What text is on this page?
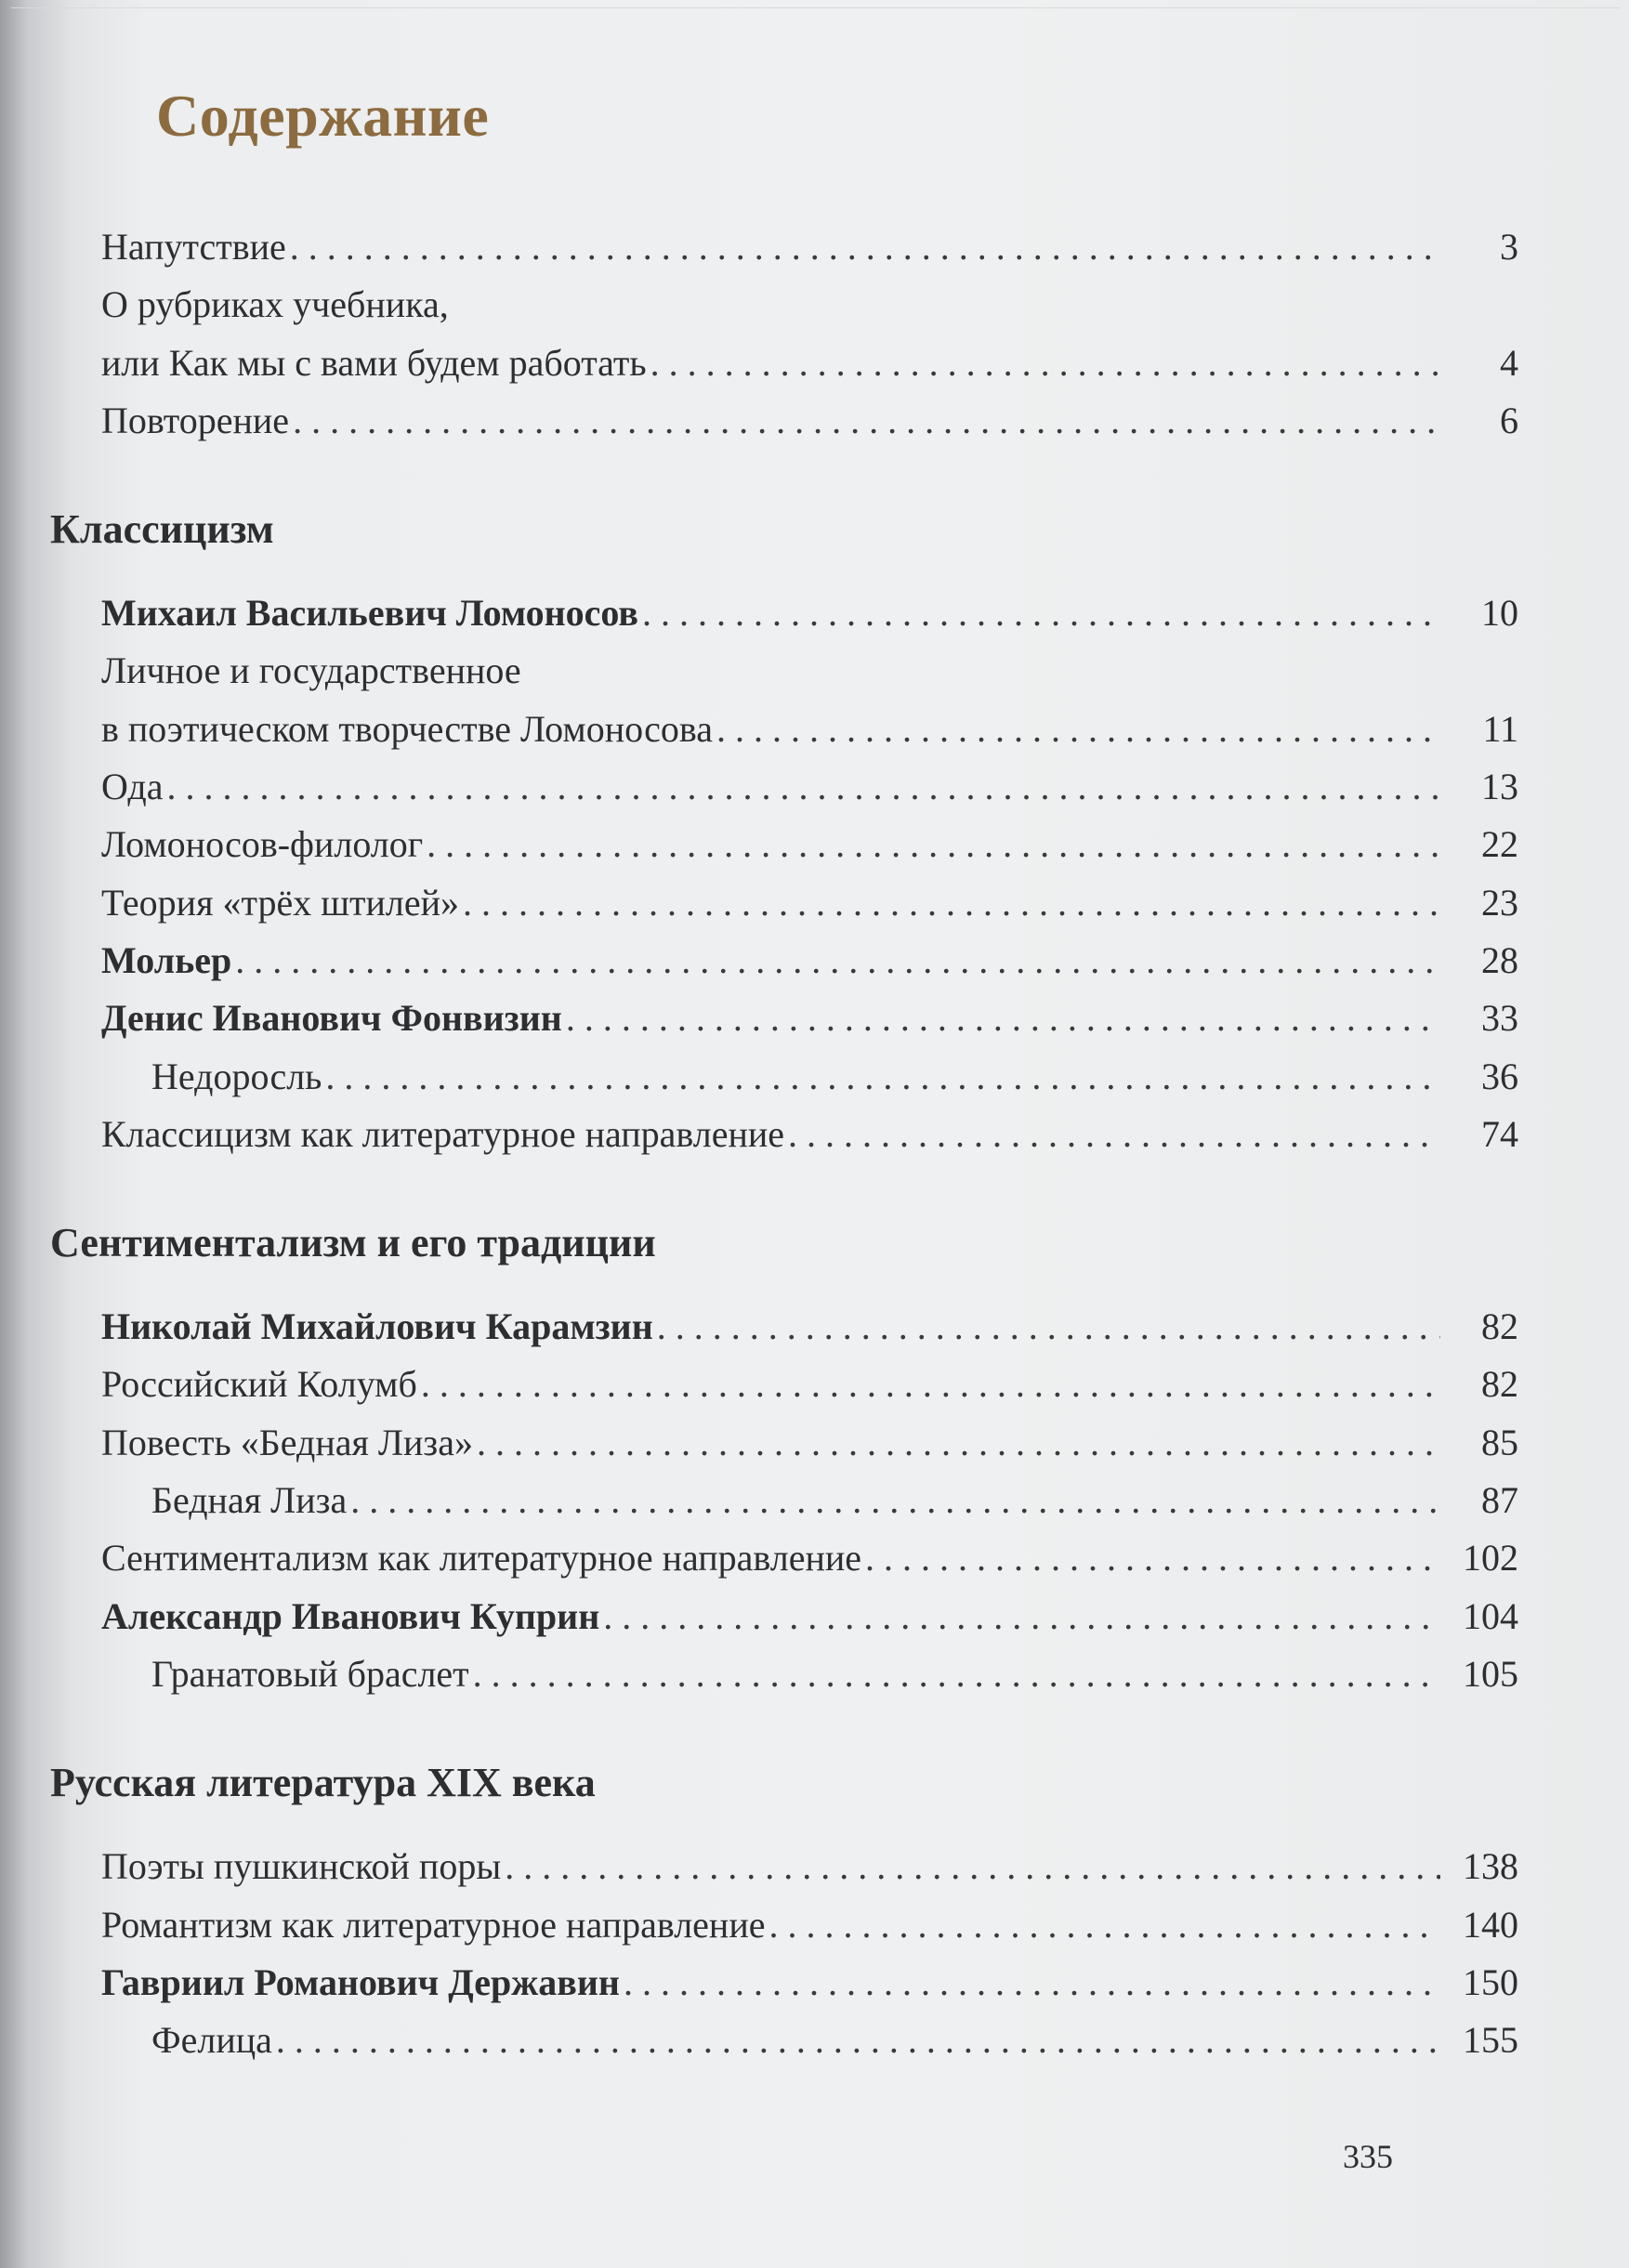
Содержание
Напутствие . . .	3
О рубриках учебника,
или Как мы с вами будем работать . . .	4
Повторение . . .	6
Классицизм
Михаил Васильевич Ломоносов . . .	10
Личное и государственное
в поэтическом творчестве Ломоносова . . .	11
Ода . . .	13
Ломоносов-филолог . . .	22
Теория «трёх штилей» . . .	23
Мольер . . .	28
Денис Иванович Фонвизин . . .	33
Недоросль . . .	36
Классицизм как литературное направление . . .	74
Сентиментализм и его традиции
Николай Михайлович Карамзин . . .	82
Российский Колумб . . .	82
Повесть «Бедная Лиза» . . .	85
Бедная Лиза . . .	87
Сентиментализм как литературное направление . . .	102
Александр Иванович Куприн . . .	104
Гранатовый браслет . . .	105
Русская литература XIX века
Поэты пушкинской поры . . .	138
Романтизм как литературное направление . . .	140
Гавриил Романович Державин . . .	150
Фелица . . .	155
335
